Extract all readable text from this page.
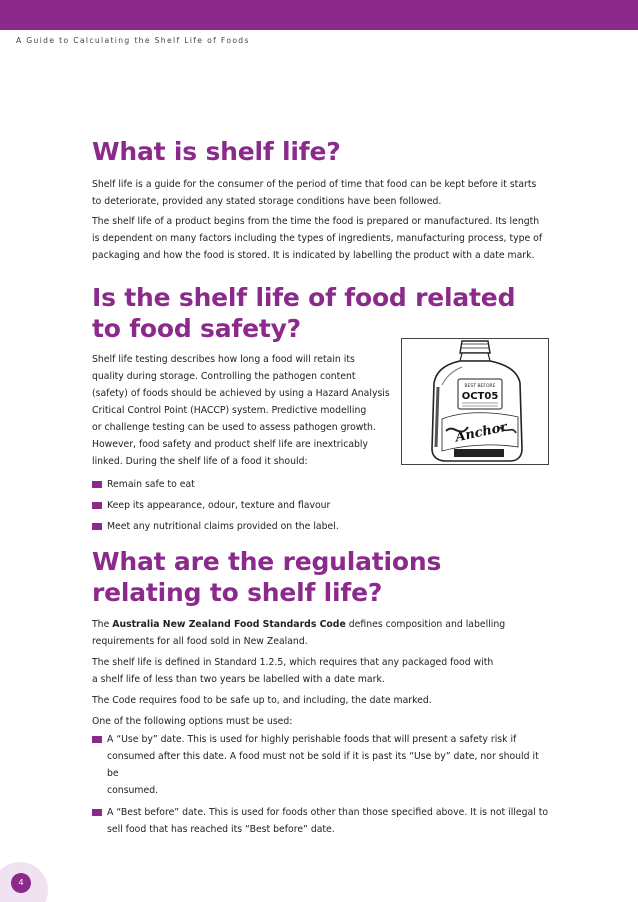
A Guide to Calculating the Shelf Life of Foods
What is shelf life?

Shelf life is a guide for the consumer of the period of time that food can be kept before it starts
to deteriorate, provided any stated storage conditions have been followed.

The shelf life of a product begins from the time the food is prepared or manufactured. Its length
is dependent on many factors including the types of ingredients, manufacturing process, type of
packaging and how the food is stored. It is indicated by labelling the product with a date mark.

Is the shelf life of food related
to food safety?

Shelf life testing describes how long a food will retain its
quality during storage. Controlling the pathogen content
(safety) of foods should be achieved by using a Hazard Analysis
Critical Control Point (HACCP) system. Predictive modelling
or challenge testing can be used to assess pathogen growth.
However, food safety and product shelf life are inextricably
linked. During the shelf life of a food it should:

Remain safe to eat
Keep its appearance, odour, texture and flavour
Meet any nutritional claims provided on the label.
BEST BEFORE
OCT05
Anchor
What are the regulations
relating to shelf life?

The Australia New Zealand Food Standards Code defines composition and labelling
requirements for all food sold in New Zealand.

The shelf life is defined in Standard 1.2.5, which requires that any packaged food with
a shelf life of less than two years be labelled with a date mark.

The Code requires food to be safe up to, and including, the date marked.

One of the following options must be used:

A “Use by” date. This is used for highly perishable foods that will present a safety risk if
consumed after this date. A food must not be sold if it is past its “Use by” date, nor should it be
consumed.
A “Best before” date. This is used for foods other than those specified above. It is not illegal to
sell food that has reached its “Best before” date.
4
